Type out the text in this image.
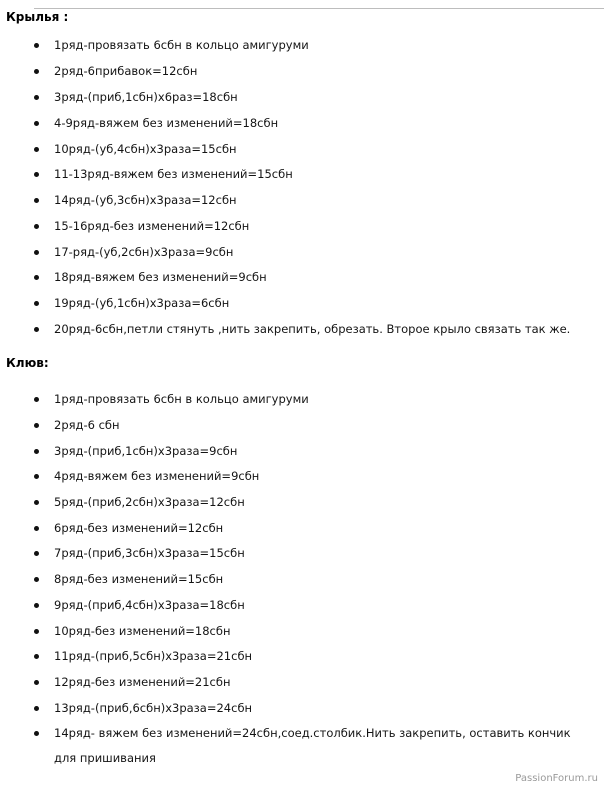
Крылья :
1ряд-провязать 6сбн в кольцо амигуруми
2ряд-6прибавок=12сбн
3ряд-(приб,1сбн)х6раз=18сбн
4-9ряд-вяжем без изменений=18сбн
10ряд-(уб,4сбн)х3раза=15сбн
11-13ряд-вяжем без изменений=15сбн
14ряд-(уб,3сбн)х3раза=12сбн
15-16ряд-без изменений=12сбн
17-ряд-(уб,2сбн)х3раза=9сбн
18ряд-вяжем без изменений=9сбн
19ряд-(уб,1сбн)х3раза=6сбн
20ряд-6сбн,петли стянуть ,нить закрепить, обрезать. Второе крыло связать так же.
Клюв:
1ряд-провязать 6сбн в кольцо амигуруми
2ряд-6 сбн
3ряд-(приб,1сбн)х3раза=9сбн
4ряд-вяжем без изменений=9сбн
5ряд-(приб,2сбн)х3раза=12сбн
6ряд-без изменений=12сбн
7ряд-(приб,3сбн)х3раза=15сбн
8ряд-без изменений=15сбн
9ряд-(приб,4сбн)х3раза=18сбн
10ряд-без изменений=18сбн
11ряд-(приб,5сбн)х3раза=21сбн
12ряд-без изменений=21сбн
13ряд-(приб,6сбн)х3раза=24сбн
14ряд- вяжем без изменений=24сбн,соед.столбик.Нить закрепить, оставить кончик для пришивания
PassionForum.ru
